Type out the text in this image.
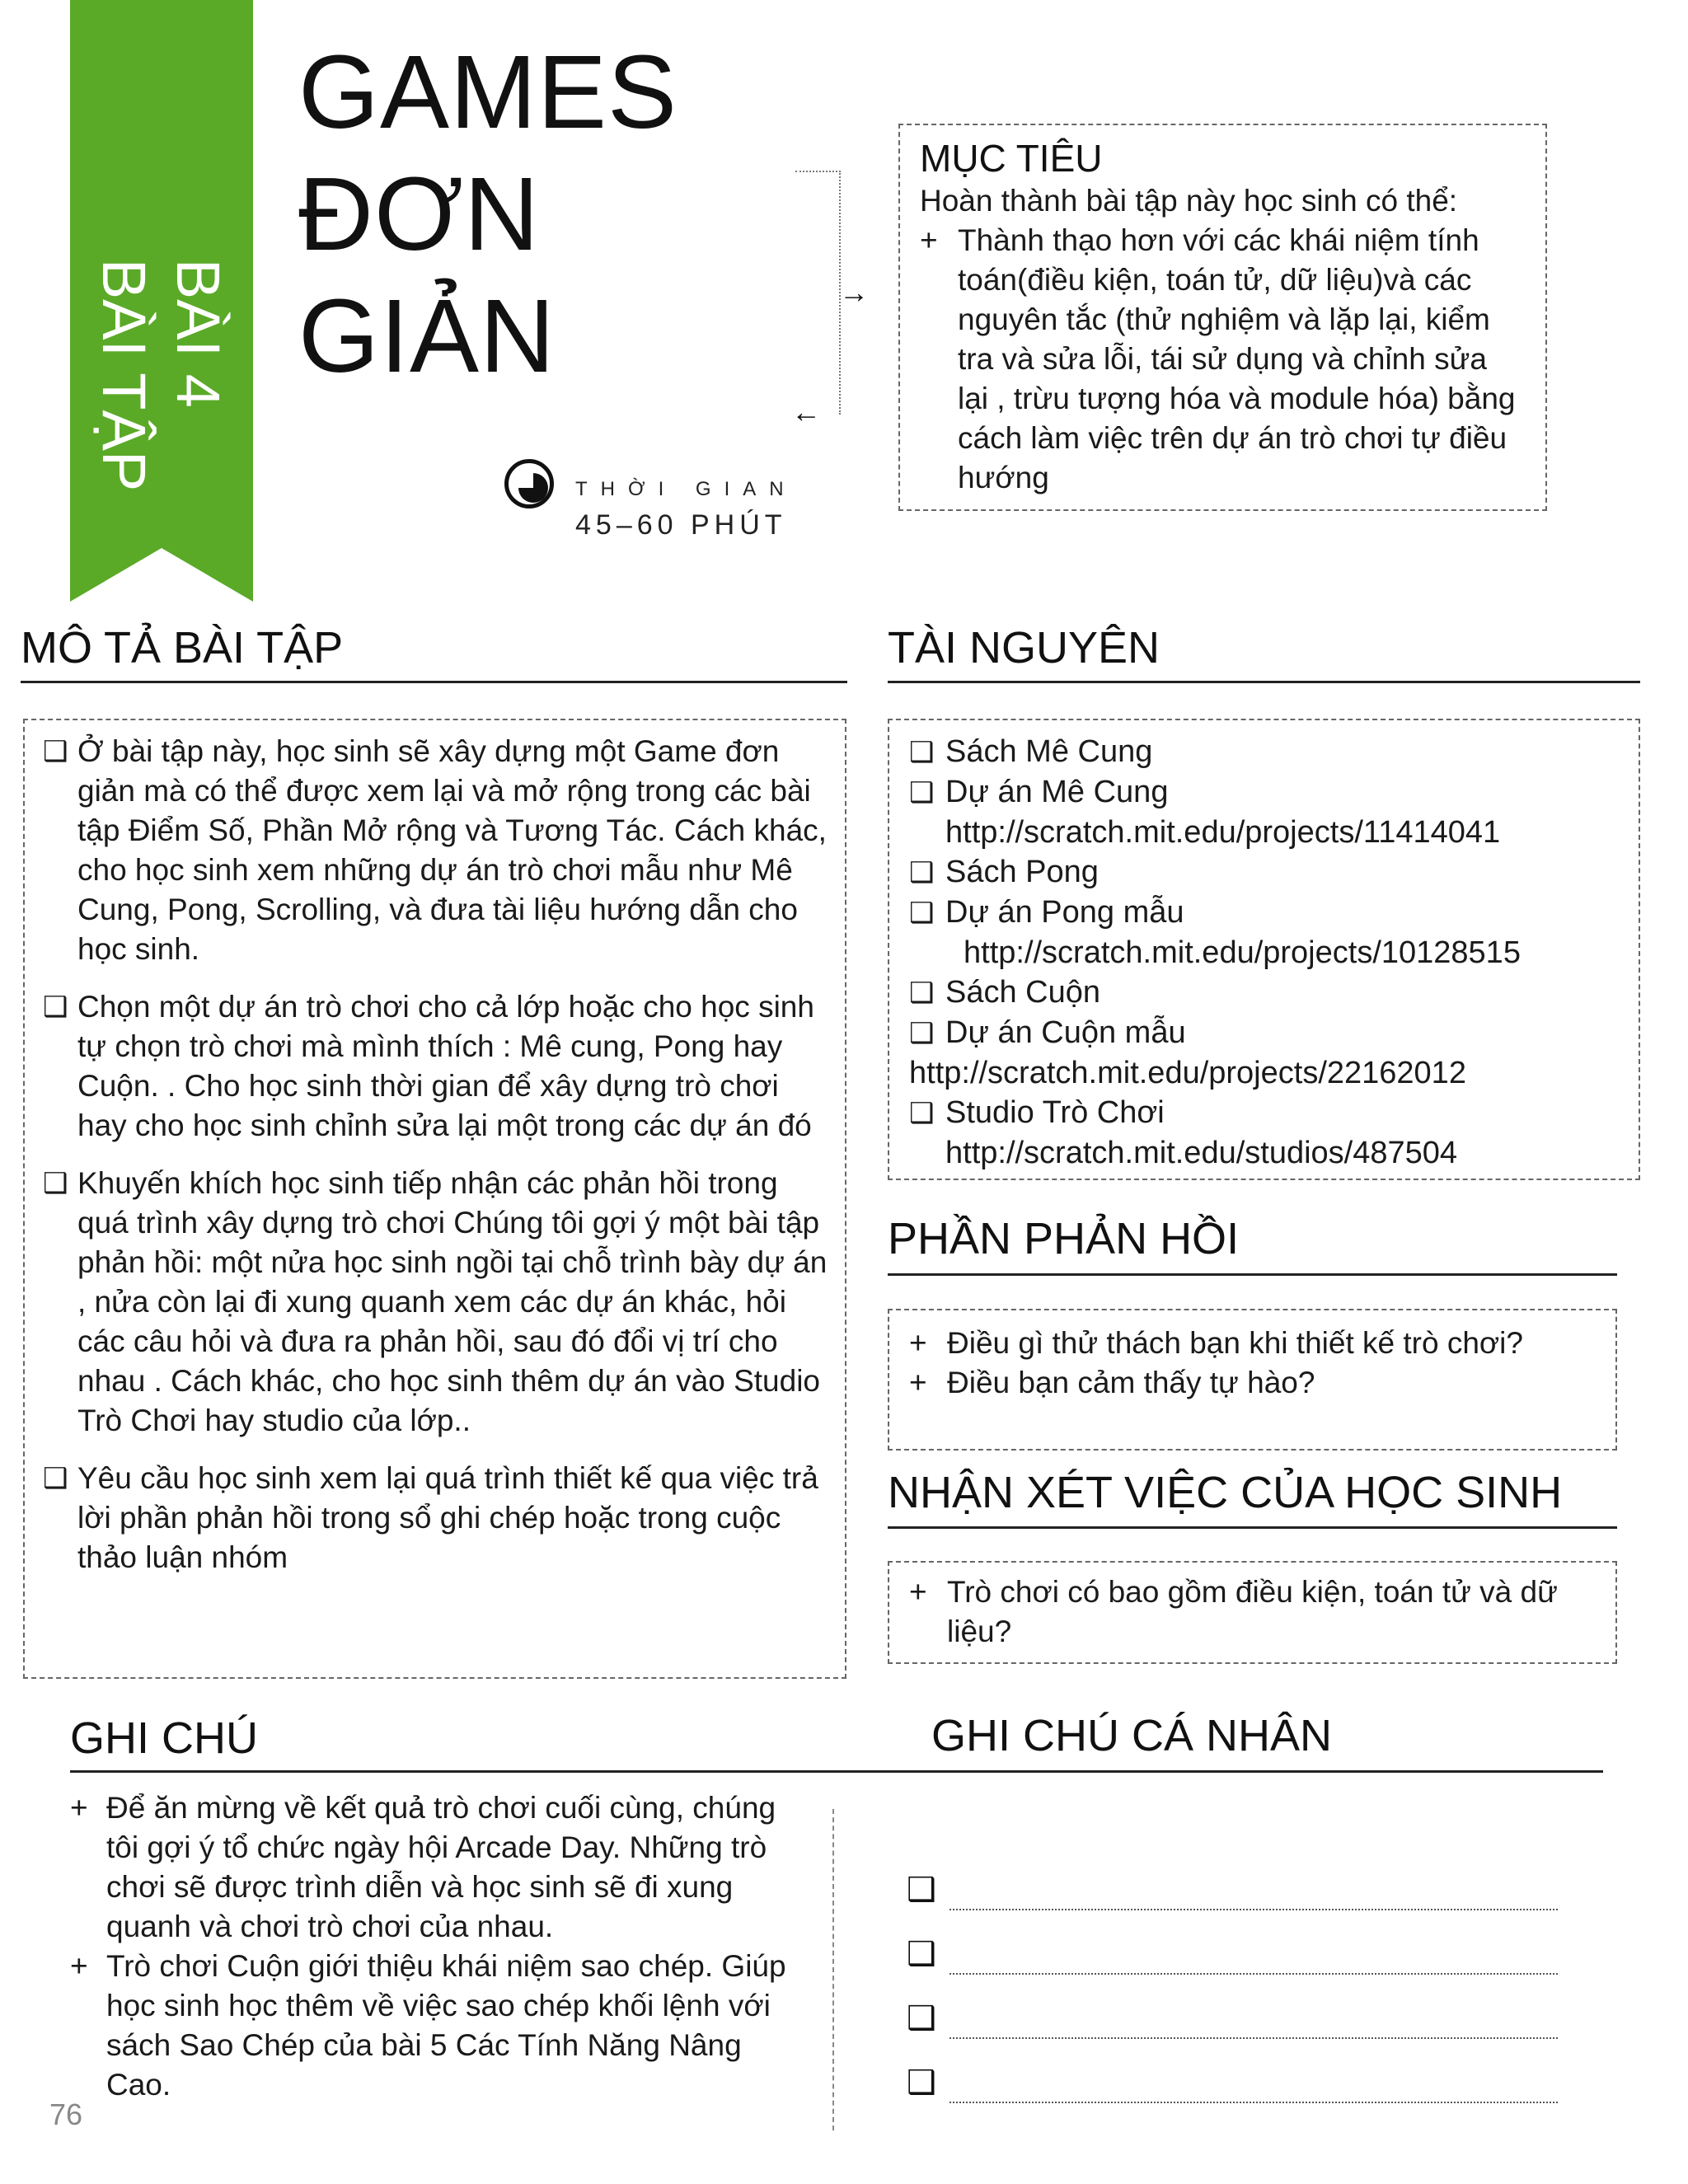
BÀI 4
BÀI TẬP
GAMES
ĐƠN
GIẢN
THỜI GIAN
45–60 PHÚT
→
←
MỤC TIÊU
Hoàn thành bài tập này học sinh có thể:
+ Thành thạo hơn với các khái niệm tính toán(điều kiện, toán tử, dữ liệu)và các nguyên tắc (thử nghiệm và lặp lại, kiểm tra và sửa lỗi, tái sử dụng và chỉnh sửa lại , trừu tượng hóa và module hóa) bằng cách làm việc trên dự án trò chơi tự điều hướng
MÔ TẢ BÀI TẬP
❑ Ở bài tập này, học sinh sẽ xây dựng một Game đơn giản mà có thể được xem lại và mở rộng trong các bài tập Điểm Số, Phần Mở rộng và Tương Tác. Cách khác, cho học sinh xem những dự án trò chơi mẫu như Mê Cung, Pong, Scrolling, và đưa tài liệu hướng dẫn cho học sinh.
❑ Chọn một dự án trò chơi cho cả lớp hoặc cho học sinh tự chọn trò chơi mà mình thích : Mê cung, Pong hay Cuộn. . Cho học sinh thời gian để xây dựng trò chơi hay cho học sinh chỉnh sửa lại một trong các dự án đó
❑ Khuyến khích học sinh tiếp nhận các phản hồi trong quá trình xây dựng trò chơi Chúng tôi gợi ý một bài tập phản hồi: một nửa học sinh ngồi tại chỗ trình bày dự án , nửa còn lại đi xung quanh xem các dự án khác, hỏi các câu hỏi và đưa ra phản hồi, sau đó đổi vị trí cho nhau . Cách khác, cho học sinh thêm dự án vào Studio Trò Chơi hay studio của lớp..
❑ Yêu cầu học sinh xem lại quá trình thiết kế qua việc trả lời phần phản hồi trong sổ ghi chép hoặc trong cuộc thảo luận nhóm
TÀI NGUYÊN
❑ Sách Mê Cung
❑ Dự án Mê Cung
http://scratch.mit.edu/projects/11414041
❑ Sách Pong
❑ Dự án Pong mẫu
http://scratch.mit.edu/projects/10128515
❑ Sách Cuộn
❑ Dự án Cuộn mẫu
http://scratch.mit.edu/projects/22162012
❑ Studio Trò Chơi
http://scratch.mit.edu/studios/487504
PHẦN PHẢN HỒI
+ Điều gì thử thách bạn khi thiết kế trò chơi?
+ Điều bạn cảm thấy tự hào?
NHẬN XÉT VIỆC CỦA HỌC SINH
+ Trò chơi có bao gồm điều kiện, toán tử và dữ liệu?
GHI CHÚ	GHI CHÚ CÁ NHÂN
+ Để ăn mừng về kết quả trò chơi cuối cùng, chúng tôi gợi ý tổ chức ngày hội Arcade Day. Những trò chơi sẽ được trình diễn và học sinh sẽ đi xung quanh và chơi trò chơi của nhau.
+ Trò chơi Cuộn giới thiệu khái niệm sao chép. Giúp học sinh học thêm về việc sao chép khối lệnh với sách Sao Chép của bài 5 Các Tính Năng Nâng Cao.
❑
❑
❑
❑
76
